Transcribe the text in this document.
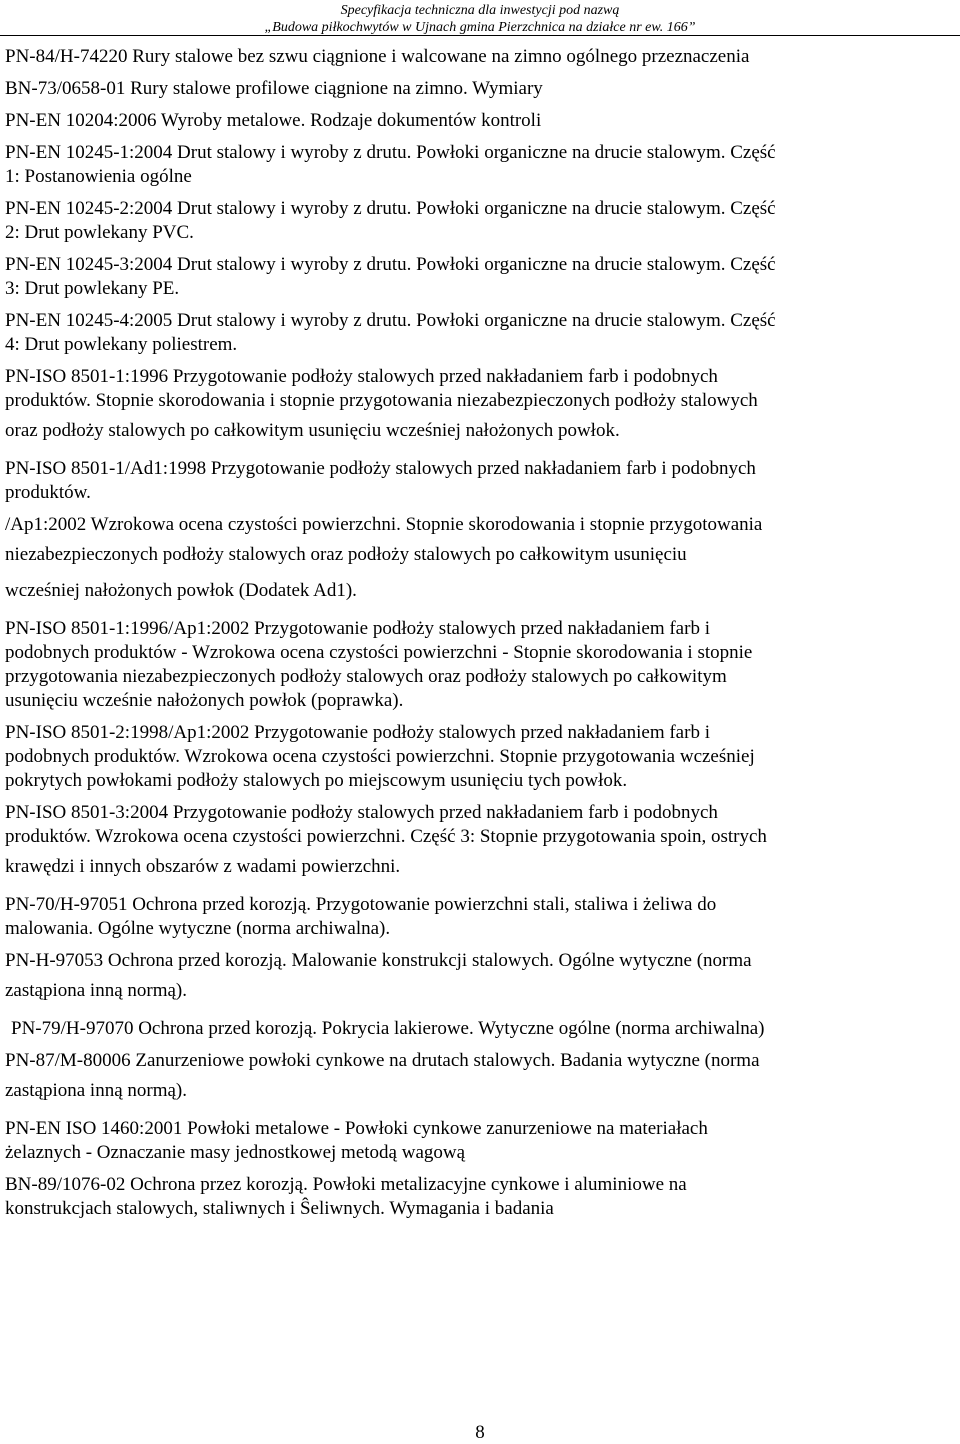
Specyfikacja techniczna dla inwestycji pod nazwą
„Budowa piłkochwytów w Ujnach gmina Pierzchnica na działce nr ew. 166”

PN-84/H-74220 Rury stalowe bez szwu ciągnione i walcowane na zimno ogólnego przeznaczenia

BN-73/0658-01 Rury stalowe profilowe ciągnione na zimno. Wymiary

PN-EN 10204:2006 Wyroby metalowe. Rodzaje dokumentów kontroli

PN-EN 10245-1:2004 Drut stalowy i wyroby z drutu. Powłoki organiczne na drucie stalowym. Część

1: Postanowienia ogólne

PN-EN 10245-2:2004 Drut stalowy i wyroby z drutu. Powłoki organiczne na drucie stalowym. Część

2: Drut powlekany PVC.

PN-EN 10245-3:2004 Drut stalowy i wyroby z drutu. Powłoki organiczne na drucie stalowym. Część

3: Drut powlekany PE.

PN-EN 10245-4:2005 Drut stalowy i wyroby z drutu. Powłoki organiczne na drucie stalowym. Część

4: Drut powlekany poliestrem.

PN-ISO 8501-1:1996 Przygotowanie podłoży stalowych przed nakładaniem farb i podobnych

produktów. Stopnie skorodowania i stopnie przygotowania niezabezpieczonych podłoży stalowych

oraz podłoży stalowych po całkowitym usunięciu wcześniej nałożonych powłok.

PN-ISO 8501-1/Ad1:1998 Przygotowanie podłoży stalowych przed nakładaniem farb i podobnych

produktów.

/Ap1:2002 Wzrokowa ocena czystości powierzchni. Stopnie skorodowania i stopnie przygotowania

niezabezpieczonych podłoży stalowych oraz podłoży stalowych po całkowitym usunięciu

wcześniej nałożonych powłok (Dodatek Ad1).

PN-ISO 8501-1:1996/Ap1:2002 Przygotowanie podłoży stalowych przed nakładaniem farb i

podobnych produktów - Wzrokowa ocena czystości powierzchni - Stopnie skorodowania i stopnie

przygotowania niezabezpieczonych podłoży stalowych oraz podłoży stalowych po całkowitym

usunięciu wcześnie nałożonych powłok (poprawka).

PN-ISO 8501-2:1998/Ap1:2002 Przygotowanie podłoży stalowych przed nakładaniem farb i

podobnych produktów. Wzrokowa ocena czystości powierzchni. Stopnie przygotowania wcześniej

pokrytych powłokami podłoży stalowych po miejscowym usunięciu tych powłok.

PN-ISO 8501-3:2004 Przygotowanie podłoży stalowych przed nakładaniem farb i podobnych

produktów. Wzrokowa ocena czystości powierzchni. Część 3: Stopnie przygotowania spoin, ostrych

krawędzi i innych obszarów z wadami powierzchni.

PN-70/H-97051 Ochrona przed korozją. Przygotowanie powierzchni stali, staliwa i żeliwa do

malowania. Ogólne wytyczne (norma archiwalna).

PN-H-97053 Ochrona przed korozją. Malowanie konstrukcji stalowych. Ogólne wytyczne (norma

zastąpiona inną normą).

PN-79/H-97070 Ochrona przed korozją. Pokrycia lakierowe. Wytyczne ogólne (norma archiwalna)

PN-87/M-80006 Zanurzeniowe powłoki cynkowe na drutach stalowych. Badania wytyczne (norma

zastąpiona inną normą).

PN-EN ISO 1460:2001 Powłoki metalowe - Powłoki cynkowe zanurzeniowe na materiałach

żelaznych - Oznaczanie masy jednostkowej metodą wagową

BN-89/1076-02 Ochrona przez korozją. Powłoki metalizacyjne cynkowe i aluminiowe na

konstrukcjach stalowych, staliwnych i Ŝeliwnych. Wymagania i badania

8
